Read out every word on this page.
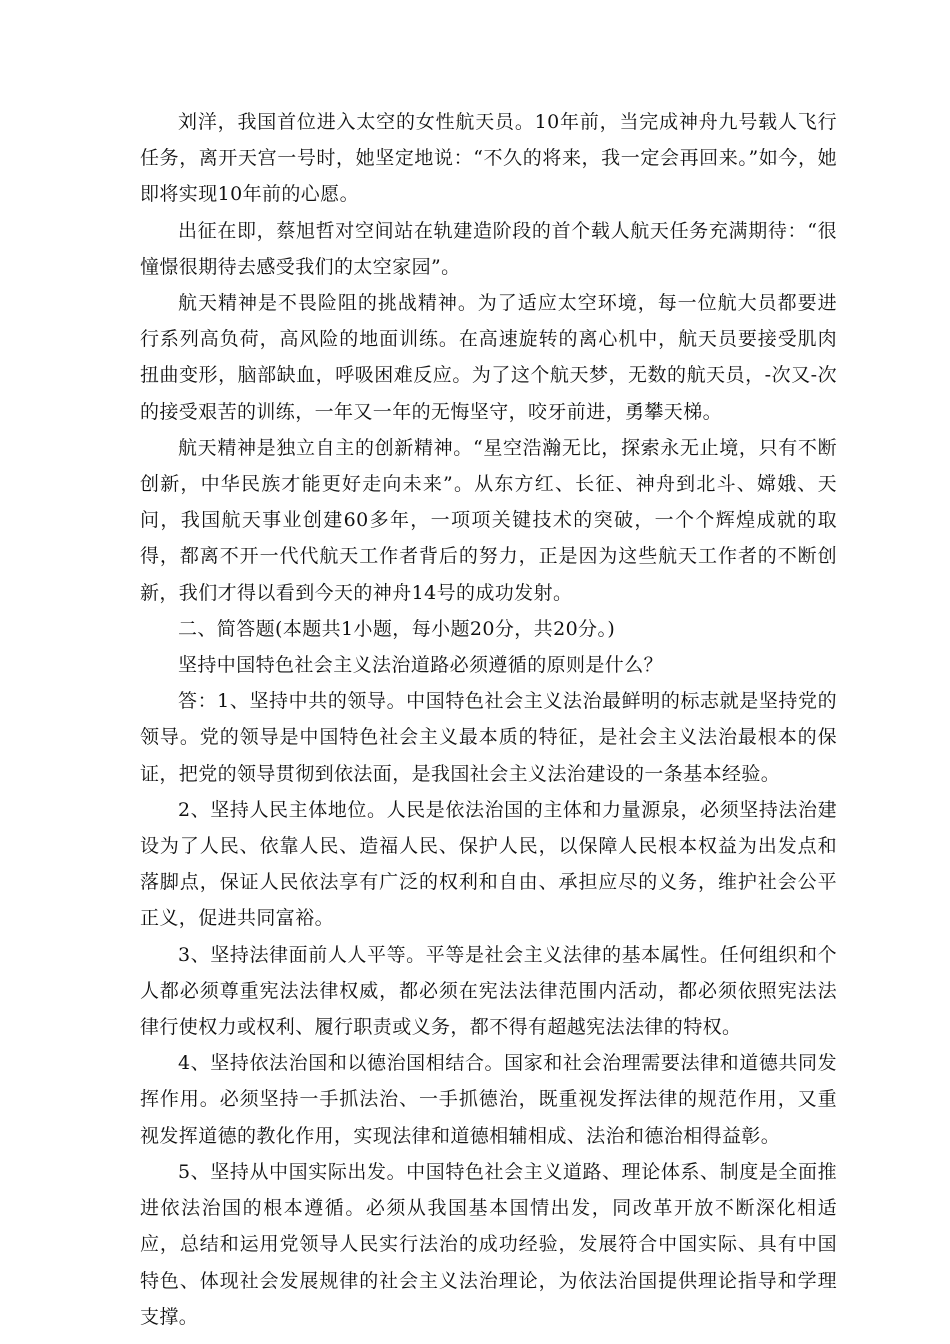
刘洋，我国首位进入太空的女性航天员。10年前，当完成神舟九号载人飞行任务，离开天宫一号时，她坚定地说：“不久的将来，我一定会再回来。”如今，她即将实现10年前的心愿。

出征在即，蔡旭哲对空间站在轨建造阶段的首个载人航天任务充满期待：“很憧憬很期待去感受我们的太空家园”。

航天精神是不畏险阻的挑战精神。为了适应太空环境，每一位航大员都要进行系列高负荷，高风险的地面训练。在高速旋转的离心机中，航天员要接受肌肉扭曲变形，脑部缺血，呼吸困难反应。为了这个航天梦，无数的航天员，-次又-次的接受艰苦的训练，一年又一年的无悔坚守，咬牙前进，勇攀天梯。

航天精神是独立自主的创新精神。“星空浩瀚无比，探索永无止境，只有不断创新，中华民族才能更好走向未来”。从东方红、长征、神舟到北斗、嫦娥、天问，我国航天事业创建60多年，一项项关键技术的突破，一个个辉煌成就的取得，都离不开一代代航天工作者背后的努力，正是因为这些航天工作者的不断创新，我们才得以看到今天的神舟14号的成功发射。

二、简答题(本题共1小题，每小题20分，共20分。)

坚持中国特色社会主义法治道路必须遵循的原则是什么？

答：1、坚持中共的领导。中国特色社会主义法治最鲜明的标志就是坚持党的领导。党的领导是中国特色社会主义最本质的特征，是社会主义法治最根本的保证，把党的领导贯彻到依法面，是我国社会主义法治建设的一条基本经验。

2、坚持人民主体地位。人民是依法治国的主体和力量源泉，必须坚持法治建设为了人民、依靠人民、造福人民、保护人民，以保障人民根本权益为出发点和落脚点，保证人民依法享有广泛的权利和自由、承担应尽的义务，维护社会公平正义，促进共同富裕。

3、坚持法律面前人人平等。平等是社会主义法律的基本属性。任何组织和个人都必须尊重宪法法律权威，都必须在宪法法律范围内活动，都必须依照宪法法律行使权力或权利、履行职责或义务，都不得有超越宪法法律的特权。

4、坚持依法治国和以德治国相结合。国家和社会治理需要法律和道德共同发挥作用。必须坚持一手抓法治、一手抓德治，既重视发挥法律的规范作用，又重视发挥道德的教化作用，实现法律和道德相辅相成、法治和德治相得益彰。

5、坚持从中国实际出发。中国特色社会主义道路、理论体系、制度是全面推进依法治国的根本遵循。必须从我国基本国情出发，同改革开放不断深化相适应，总结和运用党领导人民实行法治的成功经验，发展符合中国实际、具有中国特色、体现社会发展规律的社会主义法治理论，为依法治国提供理论指导和学理支撑。
